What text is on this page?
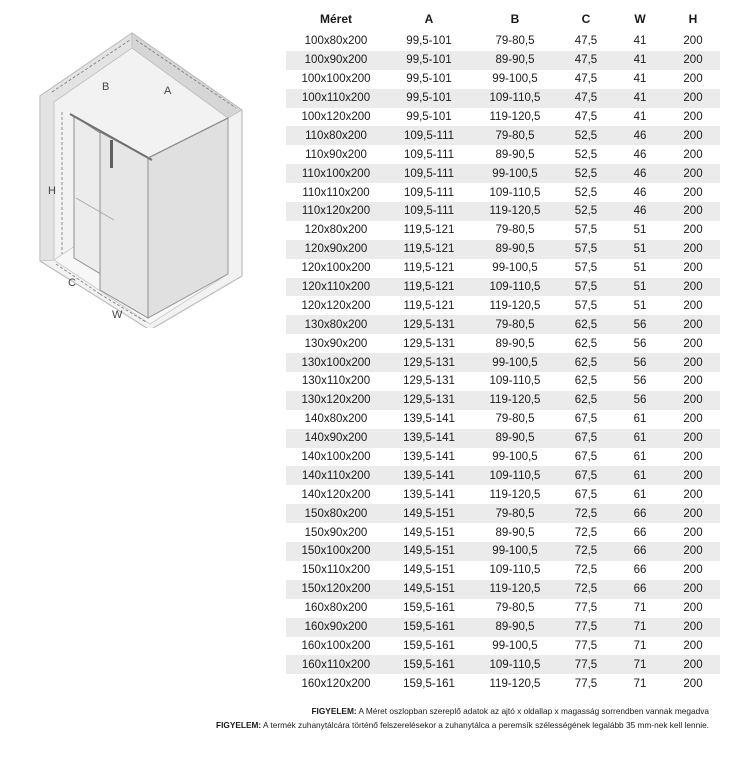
B	A
H
C
W
Méret	A	B	C	W	H
100x80x200	99,5-101	79-80,5	47,5	41	200
100x90x200	99,5-101	89-90,5	47,5	41	200
100x100x200	99,5-101	99-100,5	47,5	41	200
100x110x200	99,5-101	109-110,5	47,5	41	200
100x120x200	99,5-101	119-120,5	47,5	41	200
110x80x200	109,5-111	79-80,5	52,5	46	200
110x90x200	109,5-111	89-90,5	52,5	46	200
110x100x200	109,5-111	99-100,5	52,5	46	200
110x110x200	109,5-111	109-110,5	52,5	46	200
110x120x200	109,5-111	119-120,5	52,5	46	200
120x80x200	119,5-121	79-80,5	57,5	51	200
120x90x200	119,5-121	89-90,5	57,5	51	200
120x100x200	119,5-121	99-100,5	57,5	51	200
120x110x200	119,5-121	109-110,5	57,5	51	200
120x120x200	119,5-121	119-120,5	57,5	51	200
130x80x200	129,5-131	79-80,5	62,5	56	200
130x90x200	129,5-131	89-90,5	62,5	56	200
130x100x200	129,5-131	99-100,5	62,5	56	200
130x110x200	129,5-131	109-110,5	62,5	56	200
130x120x200	129,5-131	119-120,5	62,5	56	200
140x80x200	139,5-141	79-80,5	67,5	61	200
140x90x200	139,5-141	89-90,5	67,5	61	200
140x100x200	139,5-141	99-100,5	67,5	61	200
140x110x200	139,5-141	109-110,5	67,5	61	200
140x120x200	139,5-141	119-120,5	67,5	61	200
150x80x200	149,5-151	79-80,5	72,5	66	200
150x90x200	149,5-151	89-90,5	72,5	66	200
150x100x200	149,5-151	99-100,5	72,5	66	200
150x110x200	149,5-151	109-110,5	72,5	66	200
150x120x200	149,5-151	119-120,5	72,5	66	200
160x80x200	159,5-161	79-80,5	77,5	71	200
160x90x200	159,5-161	89-90,5	77,5	71	200
160x100x200	159,5-161	99-100,5	77,5	71	200
160x110x200	159,5-161	109-110,5	77,5	71	200
160x120x200	159,5-161	119-120,5	77,5	71	200
FIGYELEM: A Méret oszlopban szereplő adatok az ajtó x oldallap x magasság sorrendben vannak megadva
FIGYELEM: A termék zuhanytálcára történő felszerelésekor a zuhanytálca a peremsík szélességének legalább 35 mm-nek kell lennie.
